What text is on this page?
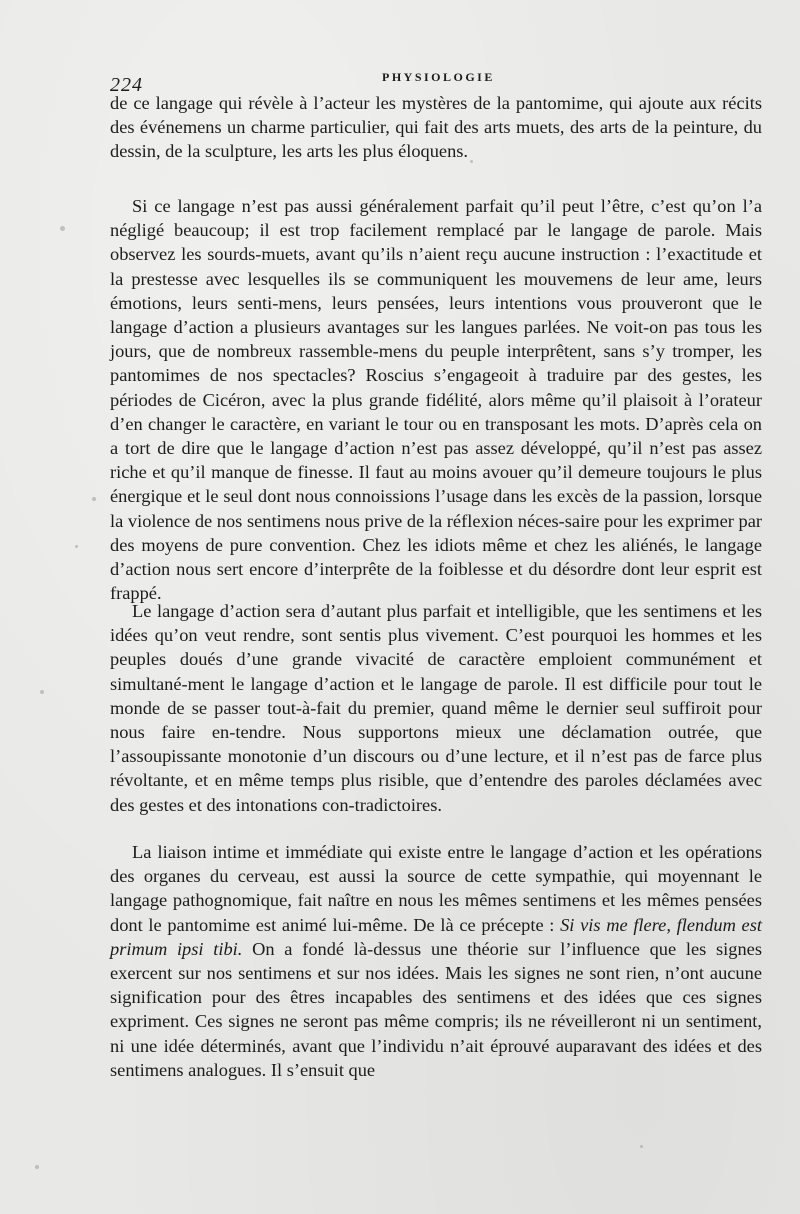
224	PHYSIOLOGIE

de ce langage qui révèle à l’acteur les mystères de la pantomime, qui ajoute aux récits des événemens un charme particulier, qui fait des arts muets, des arts de la peinture, du dessin, de la sculpture, les arts les plus éloquens.

Si ce langage n’est pas aussi généralement parfait qu’il peut l’être, c’est qu’on l’a négligé beaucoup; il est trop facilement remplacé par le langage de parole. Mais observez les sourds-muets, avant qu’ils n’aient reçu aucune instruction : l’exactitude et la prestesse avec lesquelles ils se communiquent les mouvemens de leur ame, leurs émotions, leurs senti-mens, leurs pensées, leurs intentions vous prouveront que le langage d’action a plusieurs avantages sur les langues parlées. Ne voit-on pas tous les jours, que de nombreux rassemble-mens du peuple interprêtent, sans s’y tromper, les pantomimes de nos spectacles? Roscius s’engageoit à traduire par des gestes, les périodes de Cicéron, avec la plus grande fidélité, alors même qu’il plaisoit à l’orateur d’en changer le caractère, en variant le tour ou en transposant les mots. D’après cela on a tort de dire que le langage d’action n’est pas assez développé, qu’il n’est pas assez riche et qu’il manque de finesse. Il faut au moins avouer qu’il demeure toujours le plus énergique et le seul dont nous connoissions l’usage dans les excès de la passion, lorsque la violence de nos sentimens nous prive de la réflexion néces-saire pour les exprimer par des moyens de pure convention. Chez les idiots même et chez les aliénés, le langage d’action nous sert encore d’interprête de la foiblesse et du désordre dont leur esprit est frappé.

Le langage d’action sera d’autant plus parfait et intelligible, que les sentimens et les idées qu’on veut rendre, sont sentis plus vivement. C’est pourquoi les hommes et les peuples doués d’une grande vivacité de caractère emploient communément et simultané-ment le langage d’action et le langage de parole. Il est difficile pour tout le monde de se passer tout-à-fait du premier, quand même le dernier seul suffiroit pour nous faire en-tendre. Nous supportons mieux une déclamation outrée, que l’assoupissante monotonie d’un discours ou d’une lecture, et il n’est pas de farce plus révoltante, et en même temps plus risible, que d’entendre des paroles déclamées avec des gestes et des intonations con-tradictoires.

La liaison intime et immédiate qui existe entre le langage d’action et les opérations des organes du cerveau, est aussi la source de cette sympathie, qui moyennant le langage pathognomique, fait naître en nous les mêmes sentimens et les mêmes pensées dont le pantomime est animé lui-même. De là ce précepte : Si vis me flere, flendum est primum ipsi tibi. On a fondé là-dessus une théorie sur l’influence que les signes exercent sur nos sentimens et sur nos idées. Mais les signes ne sont rien, n’ont aucune signification pour des êtres incapables des sentimens et des idées que ces signes expriment. Ces signes ne seront pas même compris; ils ne réveilleront ni un sentiment, ni une idée déterminés, avant que l’individu n’ait éprouvé auparavant des idées et des sentimens analogues. Il s’ensuit que
